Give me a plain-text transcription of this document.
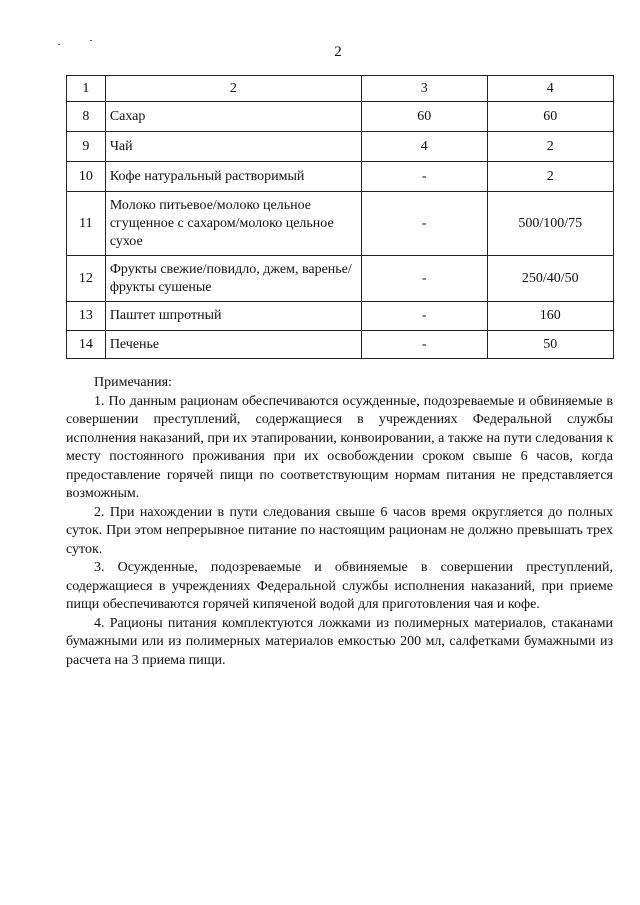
2
1	2	3	4
8	Сахар	60	60
9	Чай	4	2
10	Кофе натуральный растворимый	-	2
11	Молоко питьевое/молоко цельное сгущенное с сахаром/молоко цельное сухое	-	500/100/75
12	Фрукты свежие/повидло, джем, варенье/фрукты сушеные	-	250/40/50
13	Паштет шпротный	-	160
14	Печенье	-	50

Примечания:

1. По данным рационам обеспечиваются осужденные, подозреваемые и обвиняемые в совершении преступлений, содержащиеся в учреждениях Федеральной службы исполнения наказаний, при их этапировании, конвоировании, а также на пути следования к месту постоянного проживания при их освобождении сроком свыше 6 часов, когда предоставление горячей пищи по соответствующим нормам питания не представляется возможным.

2. При нахождении в пути следования свыше 6 часов время округляется до полных суток. При этом непрерывное питание по настоящим рационам не должно превышать трех суток.

3. Осужденные, подозреваемые и обвиняемые в совершении преступлений, содержащиеся в учреждениях Федеральной службы исполнения наказаний, при приеме пищи обеспечиваются горячей кипяченой водой для приготовления чая и кофе.

4. Рационы питания комплектуются ложками из полимерных материалов, стаканами бумажными или из полимерных материалов емкостью 200 мл, салфетками бумажными из расчета на 3 приема пищи.
